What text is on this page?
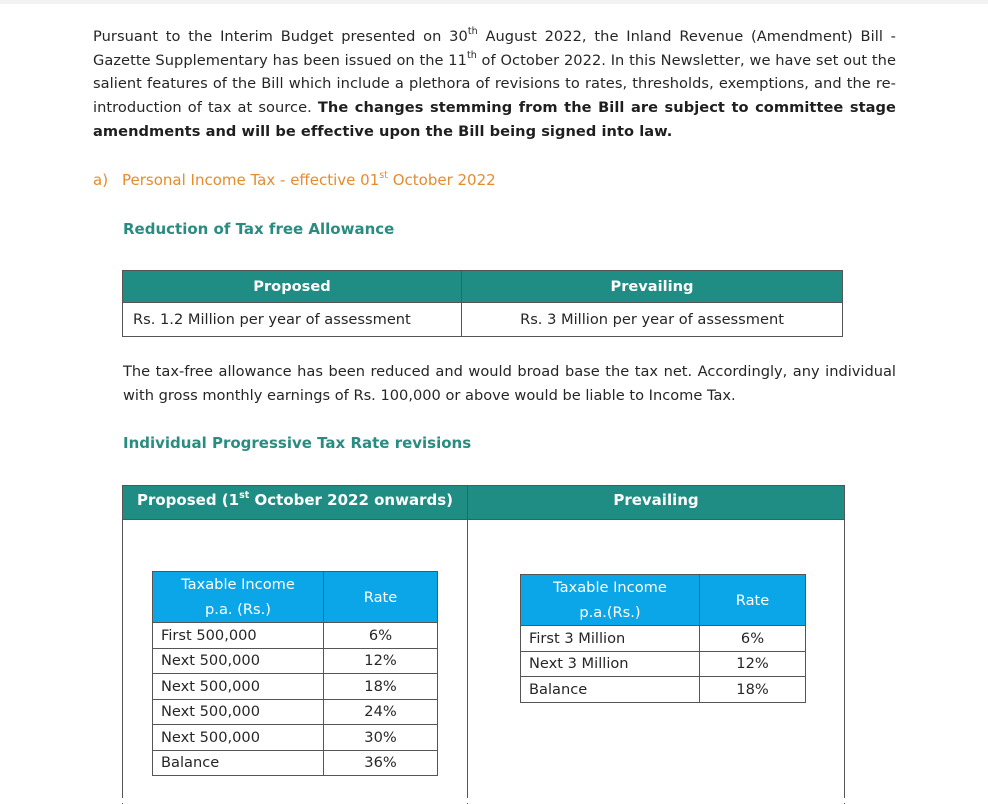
Pursuant to the Interim Budget presented on 30th August 2022, the Inland Revenue (Amendment) Bill - Gazette Supplementary has been issued on the 11th of October 2022. In this Newsletter, we have set out the salient features of the Bill which include a plethora of revisions to rates, thresholds, exemptions, and the re-introduction of tax at source. The changes stemming from the Bill are subject to committee stage amendments and will be effective upon the Bill being signed into law.

a) Personal Income Tax - effective 01st October 2022
Reduction of Tax free Allowance
Proposed	Prevailing
Rs. 1.2 Million per year of assessment	Rs. 3 Million per year of assessment

The tax-free allowance has been reduced and would broad base the tax net. Accordingly, any individual with gross monthly earnings of Rs. 100,000 or above would be liable to Income Tax.

Individual Progressive Tax Rate revisions
Proposed (1st October 2022 onwards)	Prevailing
Taxable Income
p.a. (Rs.)	Rate
First 500,000	6%
Next 500,000	12%
Next 500,000	18%
Next 500,000	24%
Next 500,000	30%
Balance	36%
Taxable Income
p.a.(Rs.)	Rate
First 3 Million	6%
Next 3 Million	12%
Balance	18%
